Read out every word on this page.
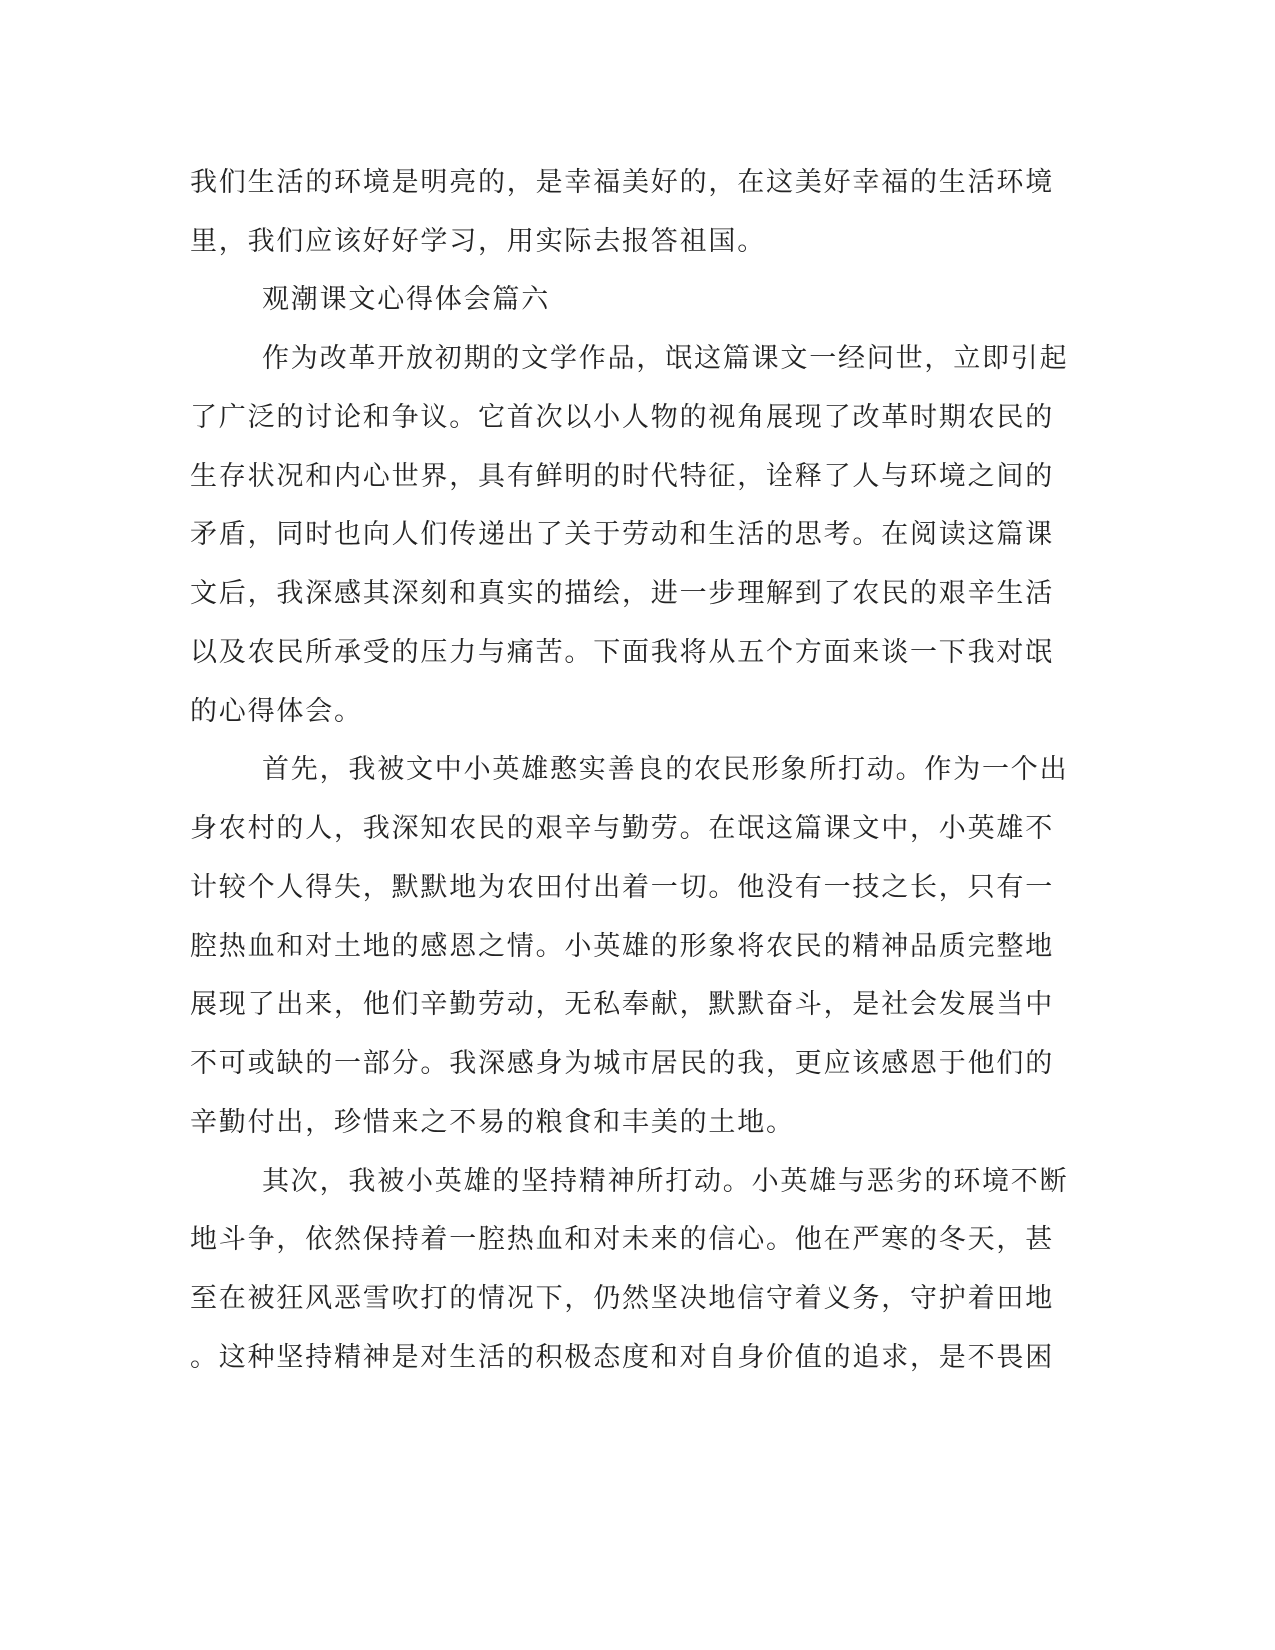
我们生活的环境是明亮的，是幸福美好的，在这美好幸福的生活环境
里，我们应该好好学习，用实际去报答祖国。
观潮课文心得体会篇六
作为改革开放初期的文学作品，氓这篇课文一经问世，立即引起
了广泛的讨论和争议。它首次以小人物的视角展现了改革时期农民的
生存状况和内心世界，具有鲜明的时代特征，诠释了人与环境之间的
矛盾，同时也向人们传递出了关于劳动和生活的思考。在阅读这篇课
文后，我深感其深刻和真实的描绘，进一步理解到了农民的艰辛生活
以及农民所承受的压力与痛苦。下面我将从五个方面来谈一下我对氓
的心得体会。
首先，我被文中小英雄憨实善良的农民形象所打动。作为一个出
身农村的人，我深知农民的艰辛与勤劳。在氓这篇课文中，小英雄不
计较个人得失，默默地为农田付出着一切。他没有一技之长，只有一
腔热血和对土地的感恩之情。小英雄的形象将农民的精神品质完整地
展现了出来，他们辛勤劳动，无私奉献，默默奋斗，是社会发展当中
不可或缺的一部分。我深感身为城市居民的我，更应该感恩于他们的
辛勤付出，珍惜来之不易的粮食和丰美的土地。
其次，我被小英雄的坚持精神所打动。小英雄与恶劣的环境不断
地斗争，依然保持着一腔热血和对未来的信心。他在严寒的冬天，甚
至在被狂风恶雪吹打的情况下，仍然坚决地信守着义务，守护着田地
。这种坚持精神是对生活的积极态度和对自身价值的追求，是不畏困
